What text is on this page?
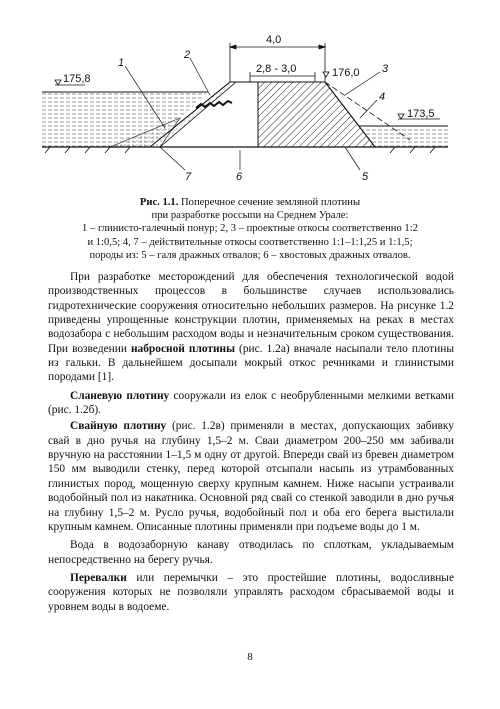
1
2
3
4
5
6
7
4,0
2,8 - 3,0
175,8	176,0
173,5
Рис. 1.1. Поперечное сечение земляной плотины
при разработке россыпи на Среднем Урале:
1 – глинисто-галечный понур; 2, 3 – проектные откосы соответственно 1:2
и 1:0,5; 4, 7 – действительные откосы соответственно 1:1–1:1,25 и 1:1,5;
породы из: 5 – галя дражных отвалов; 6 – хвостовых дражных отвалов.

При разработке месторождений для обеспечения технологической водой производственных процессов в большинстве случаев использовались гидротехнические сооружения относительно небольших размеров. На рисунке 1.2 приведены упрощенные конструкции плотин, применяемых на реках в местах водозабора с небольшим расходом воды и незначительным сроком существования. При возведении набросной плотины (рис. 1.2а) вначале насыпали тело плотины из гальки. В дальнейшем досыпали мокрый откос речниками и глинистыми породами [1].

Слaнeвую плотину сооружали из елок с необрубленными мелкими ветками (рис. 1.2б).

Свайную плотину (рис. 1.2в) применяли в местах, допускающих забивку свай в дно ручья на глубину 1,5–2 м. Сваи диаметром 200–250 мм забивали вручную на расстоянии 1–1,5 м одну от другой. Впереди свай из бревен диаметром 150 мм выводили стенку, перед которой отсыпали насыпь из утрамбованных глинистых пород, мощенную сверху крупным камнем. Ниже насыпи устраивали водобойный пол из накатника. Основной ряд свай со стенкой заводили в дно ручья на глубину 1,5–2 м. Русло ручья, водобойный пол и оба его берега выстилали крупным камнем. Описанные плотины применяли при подъеме воды до 1 м.

Вода в водозаборную канаву отводилась по сплоткам, укладываемым непосредственно на берегу ручья.

Перевалки или перемычки – это простейшие плотины, водосливные сооружения которых не позволяли управлять расходом сбрасываемой воды и уровнем воды в водоеме.

8
